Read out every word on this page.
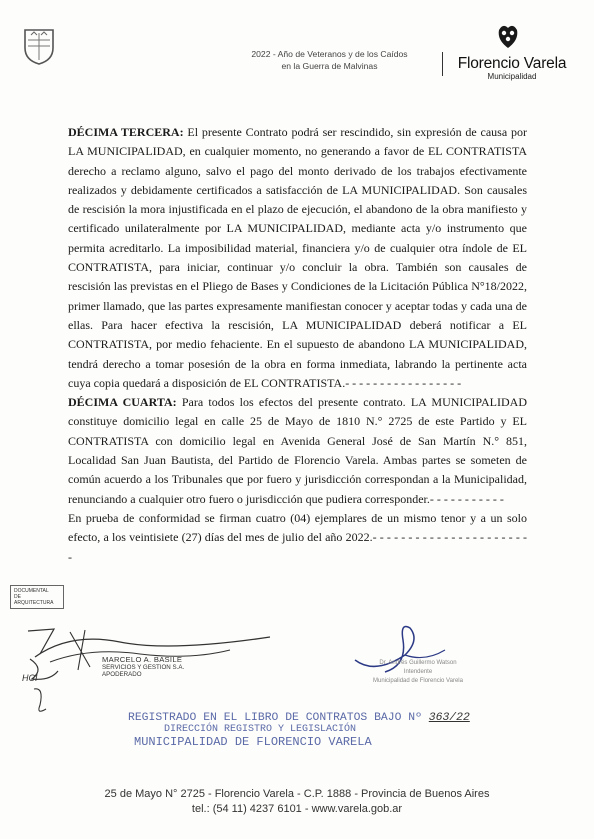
2022 - Año de Veteranos y de los Caídos
en la Guerra de Malvinas	Florencio Varela
Municipalidad

DÉCIMA TERCERA: El presente Contrato podrá ser rescindido, sin expresión de causa por LA MUNICIPALIDAD, en cualquier momento, no generando a favor de EL CONTRATISTA derecho a reclamo alguno, salvo el pago del monto derivado de los trabajos efectivamente realizados y debidamente certificados a satisfacción de LA MUNICIPALIDAD. Son causales de rescisión la mora injustificada en el plazo de ejecución, el abandono de la obra manifiesto y certificado unilateralmente por LA MUNICIPALIDAD, mediante acta y/o instrumento que permita acreditarlo. La imposibilidad material, financiera y/o de cualquier otra índole de EL CONTRATISTA, para iniciar, continuar y/o concluir la obra. También son causales de rescisión las previstas en el Pliego de Bases y Condiciones de la Licitación Pública N°18/2022, primer llamado, que las partes expresamente manifiestan conocer y aceptar todas y cada una de ellas. Para hacer efectiva la rescisión, LA MUNICIPALIDAD deberá notificar a EL CONTRATISTA, por medio fehaciente. En el supuesto de abandono LA MUNICIPALIDAD, tendrá derecho a tomar posesión de la obra en forma inmediata, labrando la pertinente acta cuya copia quedará a disposición de EL CONTRATISTA.- - - - - - - - - - - - - - - - -

DÉCIMA CUARTA: Para todos los efectos del presente contrato. LA MUNICIPALIDAD constituye domicilio legal en calle 25 de Mayo de 1810 N.° 2725 de este Partido y EL CONTRATISTA con domicilio legal en Avenida General José de San Martín N.° 851, Localidad San Juan Bautista, del Partido de Florencio Varela. Ambas partes se someten de común acuerdo a los Tribunales que por fuero y jurisdicción correspondan a la Municipalidad, renunciando a cualquier otro fuero o jurisdicción que pudiera corresponder.- - - - - - - - - - -

En prueba de conformidad se firman cuatro (04) ejemplares de un mismo tenor y a un solo efecto, a los veintisiete (27) días del mes de julio del año 2022.- - - - - - - - - - - - - - - - - - - - - - -

DOCUMENTAL
DE ARQUITECTURA
HCI
MARCELO A. BASILE
SERVICIOS Y GESTION S.A.
APODERADO
Dr. Andrés Guillermo Watson
Intendente
Municipalidad de Florencio Varela
REGISTRADO EN EL LIBRO DE CONTRATOS BAJO Nº 363/22
DIRECCIÓN REGISTRO Y LEGISLACIÓN
MUNICIPALIDAD DE FLORENCIO VARELA
25 de Mayo N° 2725 - Florencio Varela - C.P. 1888 - Provincia de Buenos Aires
tel.: (54 11) 4237 6101 - www.varela.gob.ar
